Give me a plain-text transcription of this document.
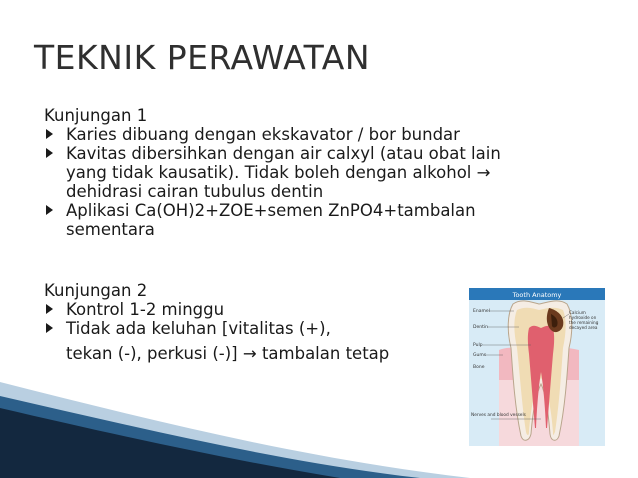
TEKNIK PERAWATAN

Kunjungan 1

Karies dibuang dengan ekskavator / bor bundar
Kavitas dibersihkan dengan air calxyl (atau obat lain
yang tidak kausatik). Tidak boleh dengan alkohol →
dehidrasi cairan tubulus dentin
Aplikasi Ca(OH)2+ZOE+semen ZnPO4+tambalan
sementara

Kunjungan 2

Kontrol 1-2 minggu
Tidak ada keluhan [vitalitas (+),

tekan (-), perkusi (-)] → tambalan tetap

Tooth Anatomy
Enamel
Dentin
Pulp
Gums
Bone
Nerves and blood vessels
Calcium hydroxide on the remaining decayed area
